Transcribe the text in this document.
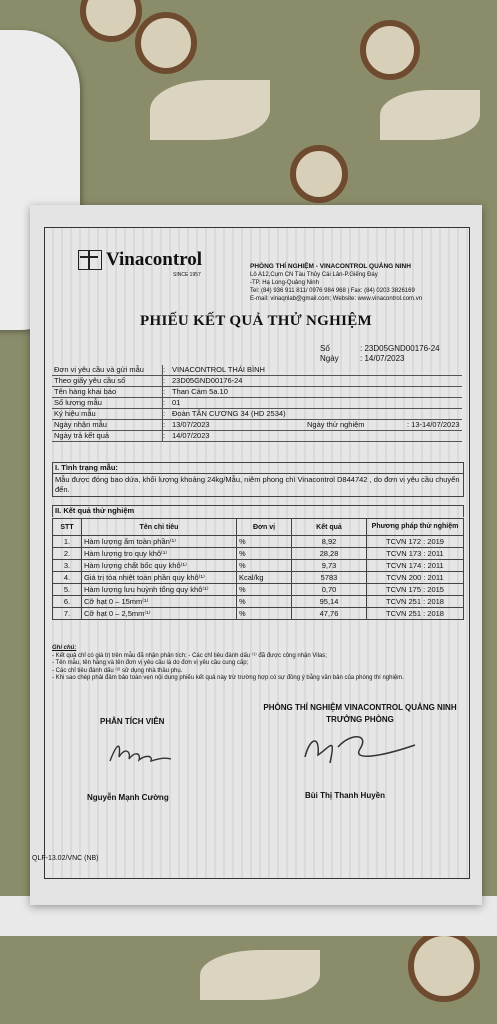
Vinacontrol
SINCE 1957
PHÒNG THÍ NGHIỆM - VINACONTROL QUẢNG NINH
Lô A12,Cụm CN Tàu Thủy Cái Lân-P.Giếng Đáy
-TP. Hạ Long-Quảng Ninh
Tel: (84) 936 911 811/ 0976 984 968 | Fax: (84) 0203 3826169
E-mail: vinaqnlab@gmail.com; Website: www.vinacontrol.com.vn
PHIẾU KẾT QUẢ THỬ NGHIỆM
Số	: 23D05GND00176-24
Ngày	: 14/07/2023
Đơn vị yêu cầu và gửi mẫu	: VINACONTROL THÁI BÌNH
Theo giấy yêu cầu số	: 23D05GND00176-24
Tên hàng khai báo	: Than Cám 5a.10
Số lượng mẫu	: 01
Ký hiệu mẫu	: Đoàn TÂN CƯƠNG 34 (HD 2534)
Ngày nhận mẫu	: 13/07/2023	Ngày thử nghiệm	: 13-14/07/2023
Ngày trả kết quả	: 14/07/2023
I. Tình trạng mẫu:
Mẫu được đóng bao dứa, khối lượng khoảng 24kg/Mẫu, niêm phong chì Vinacontrol D844742 , do đơn vị yêu cầu chuyển đến.
II. Kết quả thử nghiệm
STT	Tên chỉ tiêu	Đơn vị	Kết quả	Phương pháp thử nghiệm
1.	Hàm lượng ẩm toàn phần⁽¹⁾	%	8,92	TCVN 172 : 2019
2.	Hàm lượng tro quy khô⁽¹⁾	%	28,28	TCVN 173 : 2011
3.	Hàm lượng chất bốc quy khô⁽¹⁾	%	9,73	TCVN 174 : 2011
4.	Giá trị tỏa nhiệt toàn phần quy khô⁽¹⁾	Kcal/kg	5783	TCVN 200 : 2011
5.	Hàm lượng lưu huỳnh tổng quy khô⁽¹⁾	%	0,70	TCVN 175 : 2015
6.	Cỡ hạt 0 – 15mm⁽¹⁾	%	95,14	TCVN 251 : 2018
7.	Cỡ hạt 0 – 2,5mm⁽¹⁾	%	47,76	TCVN 251 : 2018
Ghi chú:
- Kết quả chỉ có giá trị trên mẫu đã nhận phân tích; - Các chỉ tiêu đánh dấu ⁽¹⁾ đã được công nhận Vilas;
- Tên mẫu, tên hàng và tên đơn vị yêu cầu là do đơn vị yêu cầu cung cấp;
- Các chỉ tiêu đánh dấu ⁽²⁾ sử dụng nhà thầu phụ.
- Khi sao chép phải đảm bảo toàn vẹn nội dung phiếu kết quả này trừ trường hợp có sự đồng ý bằng văn bản của phòng thí nghiệm.
PHÂN TÍCH VIÊN
PHÒNG THÍ NGHIỆM VINACONTROL QUẢNG NINH
TRƯỞNG PHÒNG
Nguyễn Mạnh Cường	Bùi Thị Thanh Huyền
QLF-13.02/VNC (NB)
